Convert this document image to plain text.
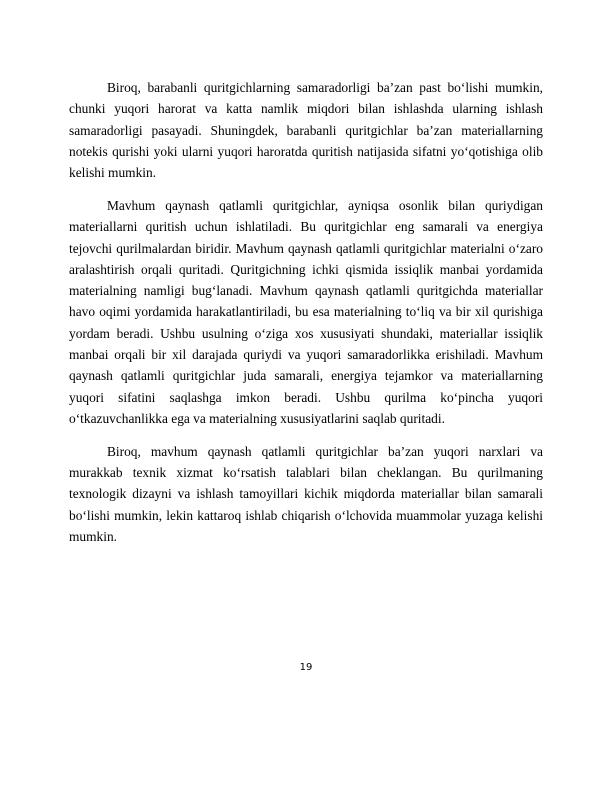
Biroq, barabanli quritgichlarning samaradorligi ba’zan past bo‘lishi mumkin, chunki yuqori harorat va katta namlik miqdori bilan ishlashda ularning ishlash samaradorligi pasayadi. Shuningdek, barabanli quritgichlar ba’zan materiallarning notekis qurishi yoki ularni yuqori haroratda quritish natijasida sifatni yo‘qotishiga olib kelishi mumkin.

Mavhum qaynash qatlamli quritgichlar, ayniqsa osonlik bilan quriydigan materiallarni quritish uchun ishlatiladi. Bu quritgichlar eng samarali va energiya tejovchi qurilmalardan biridir. Mavhum qaynash qatlamli quritgichlar materialni o‘zaro aralashtirish orqali quritadi. Quritgichning ichki qismida issiqlik manbai yordamida materialning namligi bug‘lanadi. Mavhum qaynash qatlamli quritgichda materiallar havo oqimi yordamida harakatlantiriladi, bu esa materialning to‘liq va bir xil qurishiga yordam beradi. Ushbu usulning o‘ziga xos xususiyati shundaki, materiallar issiqlik manbai orqali bir xil darajada quriydi va yuqori samaradorlikka erishiladi. Mavhum qaynash qatlamli quritgichlar juda samarali, energiya tejamkor va materiallarning yuqori sifatini saqlashga imkon beradi. Ushbu qurilma ko‘pincha yuqori o‘tkazuvchanlikka ega va materialning xususiyatlarini saqlab quritadi.

Biroq, mavhum qaynash qatlamli quritgichlar ba’zan yuqori narxlari va murakkab texnik xizmat ko‘rsatish talablari bilan cheklangan. Bu qurilmaning texnologik dizayni va ishlash tamoyillari kichik miqdorda materiallar bilan samarali bo‘lishi mumkin, lekin kattaroq ishlab chiqarish o‘lchovida muammolar yuzaga kelishi mumkin.

19
